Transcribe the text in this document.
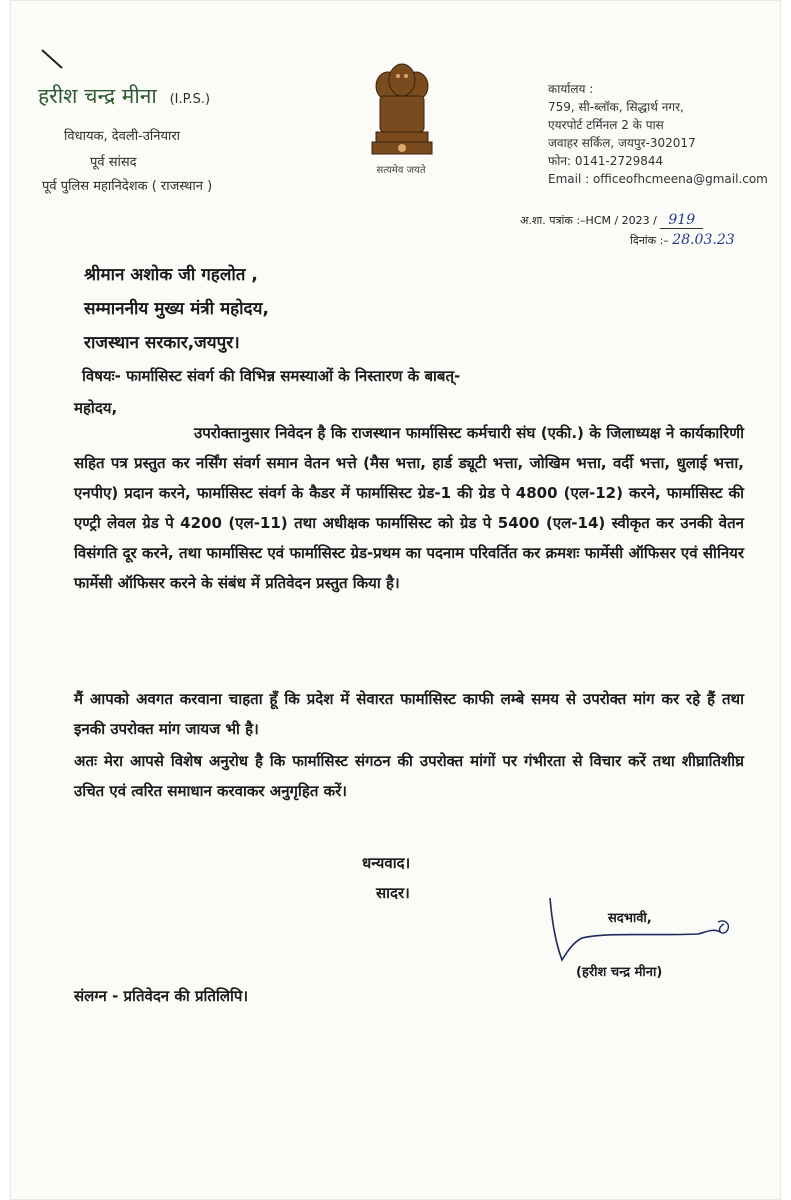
हरीश चन्द्र मीना (I.P.S.)
विधायक, देवली-उनियारा
पूर्व सांसद
पूर्व पुलिस महानिदेशक ( राजस्थान )
सत्यमेव जयते
कार्यालय :
759, सी-ब्लॉक, सिद्धार्थ नगर,
एयरपोर्ट टर्मिनल 2 के पास
जवाहर सर्किल, जयपुर-302017
फोन: 0141-2729844
Email : officeofhcmeena@gmail.com
अ.शा. पत्रांक :–HCM / 2023 / 919
दिनांक :– 28.03.23
श्रीमान अशोक जी गहलोत ,
सम्माननीय मुख्य मंत्री महोदय,
राजस्थान सरकार,जयपुर।
विषयः- फार्मासिस्ट संवर्ग की विभिन्न समस्याओं के निस्तारण के बाबत्-
महोदय,
उपरोक्तानुसार निवेदन है कि राजस्थान फार्मासिस्ट कर्मचारी संघ (एकी.) के जिलाध्यक्ष ने कार्यकारिणी सहित पत्र प्रस्तुत कर नर्सिंग संवर्ग समान वेतन भत्ते (मैस भत्ता, हार्ड ड्यूटी भत्ता, जोखिम भत्ता, वर्दी भत्ता, धुलाई भत्ता, एनपीए) प्रदान करने, फार्मासिस्ट संवर्ग के कैडर में फार्मासिस्ट ग्रेड-1 की ग्रेड पे 4800 (एल-12) करने, फार्मासिस्ट की एण्ट्री लेवल ग्रेड पे 4200 (एल-11) तथा अधीक्षक फार्मासिस्ट को ग्रेड पे 5400 (एल-14) स्वीकृत कर उनकी वेतन विसंगति दूर करने, तथा फार्मासिस्ट एवं फार्मासिस्ट ग्रेड-प्रथम का पदनाम परिवर्तित कर क्रमशः फार्मेसी ऑफिसर एवं सीनियर फार्मेसी ऑफिसर करने के संबंध में प्रतिवेदन प्रस्तुत किया है।
मैं आपको अवगत करवाना चाहता हूँ कि प्रदेश में सेवारत फार्मासिस्ट काफी लम्बे समय से उपरोक्त मांग कर रहे हैं तथा इनकी उपरोक्त मांग जायज भी है।
अतः मेरा आपसे विशेष अनुरोध है कि फार्मासिस्ट संगठन की उपरोक्त मांगों पर गंभीरता से विचार करें तथा शीघ्रातिशीघ्र उचित एवं त्वरित समाधान करवाकर अनुगृहित करें।
धन्यवाद।
सादर।
सदभावी,
(हरीश चन्द्र मीना)
संलग्न - प्रतिवेदन की प्रतिलिपि।
